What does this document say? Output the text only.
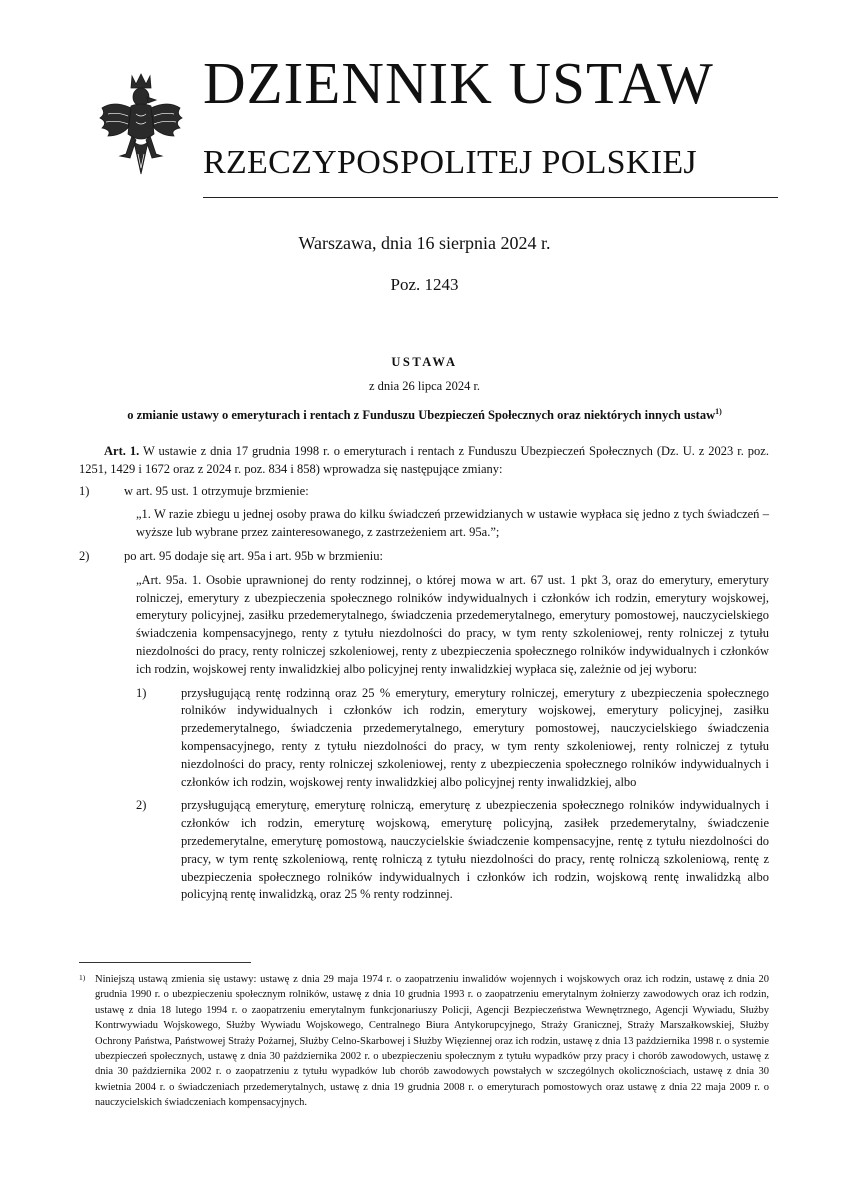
DZIENNIK USTAW
RZECZYPOSPOLITEJ POLSKIEJ
Warszawa, dnia 16 sierpnia 2024 r.
Poz. 1243
USTAWA
z dnia 26 lipca 2024 r.
o zmianie ustawy o emeryturach i rentach z Funduszu Ubezpieczeń Społecznych oraz niektórych innych ustaw$^{1)}$

Art. 1. W ustawie z dnia 17 grudnia 1998 r. o emeryturach i rentach z Funduszu Ubezpieczeń Społecznych (Dz. U. z 2023 r. poz. 1251, 1429 i 1672 oraz z 2024 r. poz. 834 i 858) wprowadza się następujące zmiany:

1)	w art. 95 ust. 1 otrzymuje brzmienie:

„1. W razie zbiegu u jednej osoby prawa do kilku świadczeń przewidzianych w ustawie wypłaca się jedno z tych świadczeń – wyższe lub wybrane przez zainteresowanego, z zastrzeżeniem art. 95a.”;

2)	po art. 95 dodaje się art. 95a i art. 95b w brzmieniu:

„Art. 95a. 1. Osobie uprawnionej do renty rodzinnej, o której mowa w art. 67 ust. 1 pkt 3, oraz do emerytury, emerytury rolniczej, emerytury z ubezpieczenia społecznego rolników indywidualnych i członków ich rodzin, emerytury wojskowej, emerytury policyjnej, zasiłku przedemerytalnego, świadczenia przedemerytalnego, emerytury pomostowej, nauczycielskiego świadczenia kompensacyjnego, renty z tytułu niezdolności do pracy, w tym renty szkoleniowej, renty rolniczej z tytułu niezdolności do pracy, renty rolniczej szkoleniowej, renty z ubezpieczenia społecznego rolników indywidualnych i członków ich rodzin, wojskowej renty inwalidzkiej albo policyjnej renty inwalidzkiej wypłaca się, zależnie od jej wyboru:

1)	przysługującą rentę rodzinną oraz 25 % emerytury, emerytury rolniczej, emerytury z ubezpieczenia społecznego rolników indywidualnych i członków ich rodzin, emerytury wojskowej, emerytury policyjnej, zasiłku przedemerytalnego, świadczenia przedemerytalnego, emerytury pomostowej, nauczycielskiego świadczenia kompensacyjnego, renty z tytułu niezdolności do pracy, w tym renty szkoleniowej, renty rolniczej z tytułu niezdolności do pracy, renty rolniczej szkoleniowej, renty z ubezpieczenia społecznego rolników indywidualnych i członków ich rodzin, wojskowej renty inwalidzkiej albo policyjnej renty inwalidzkiej, albo
2)	przysługującą emeryturę, emeryturę rolniczą, emeryturę z ubezpieczenia społecznego rolników indywidualnych i członków ich rodzin, emeryturę wojskową, emeryturę policyjną, zasiłek przedemerytalny, świadczenie przedemerytalne, emeryturę pomostową, nauczycielskie świadczenie kompensacyjne, rentę z tytułu niezdolności do pracy, w tym rentę szkoleniową, rentę rolniczą z tytułu niezdolności do pracy, rentę rolniczą szkoleniową, rentę z ubezpieczenia społecznego rolników indywidualnych i członków ich rodzin, wojskową rentę inwalidzką albo policyjną rentę inwalidzką, oraz 25 % renty rodzinnej.
1) Niniejszą ustawą zmienia się ustawy: ustawę z dnia 29 maja 1974 r. o zaopatrzeniu inwalidów wojennych i wojskowych oraz ich rodzin, ustawę z dnia 20 grudnia 1990 r. o ubezpieczeniu społecznym rolników, ustawę z dnia 10 grudnia 1993 r. o zaopatrzeniu emerytalnym żołnierzy zawodowych oraz ich rodzin, ustawę z dnia 18 lutego 1994 r. o zaopatrzeniu emerytalnym funkcjonariuszy Policji, Agencji Bezpieczeństwa Wewnętrznego, Agencji Wywiadu, Służby Kontrwywiadu Wojskowego, Służby Wywiadu Wojskowego, Centralnego Biura Antykorupcyjnego, Straży Granicznej, Straży Marszałkowskiej, Służby Ochrony Państwa, Państwowej Straży Pożarnej, Służby Celno-Skarbowej i Służby Więziennej oraz ich rodzin, ustawę z dnia 13 października 1998 r. o systemie ubezpieczeń społecznych, ustawę z dnia 30 października 2002 r. o ubezpieczeniu społecznym z tytułu wypadków przy pracy i chorób zawodowych, ustawę z dnia 30 października 2002 r. o zaopatrzeniu z tytułu wypadków lub chorób zawodowych powstałych w szczególnych okolicznościach, ustawę z dnia 30 kwietnia 2004 r. o świadczeniach przedemerytalnych, ustawę z dnia 19 grudnia 2008 r. o emeryturach pomostowych oraz ustawę z dnia 22 maja 2009 r. o nauczycielskich świadczeniach kompensacyjnych.
